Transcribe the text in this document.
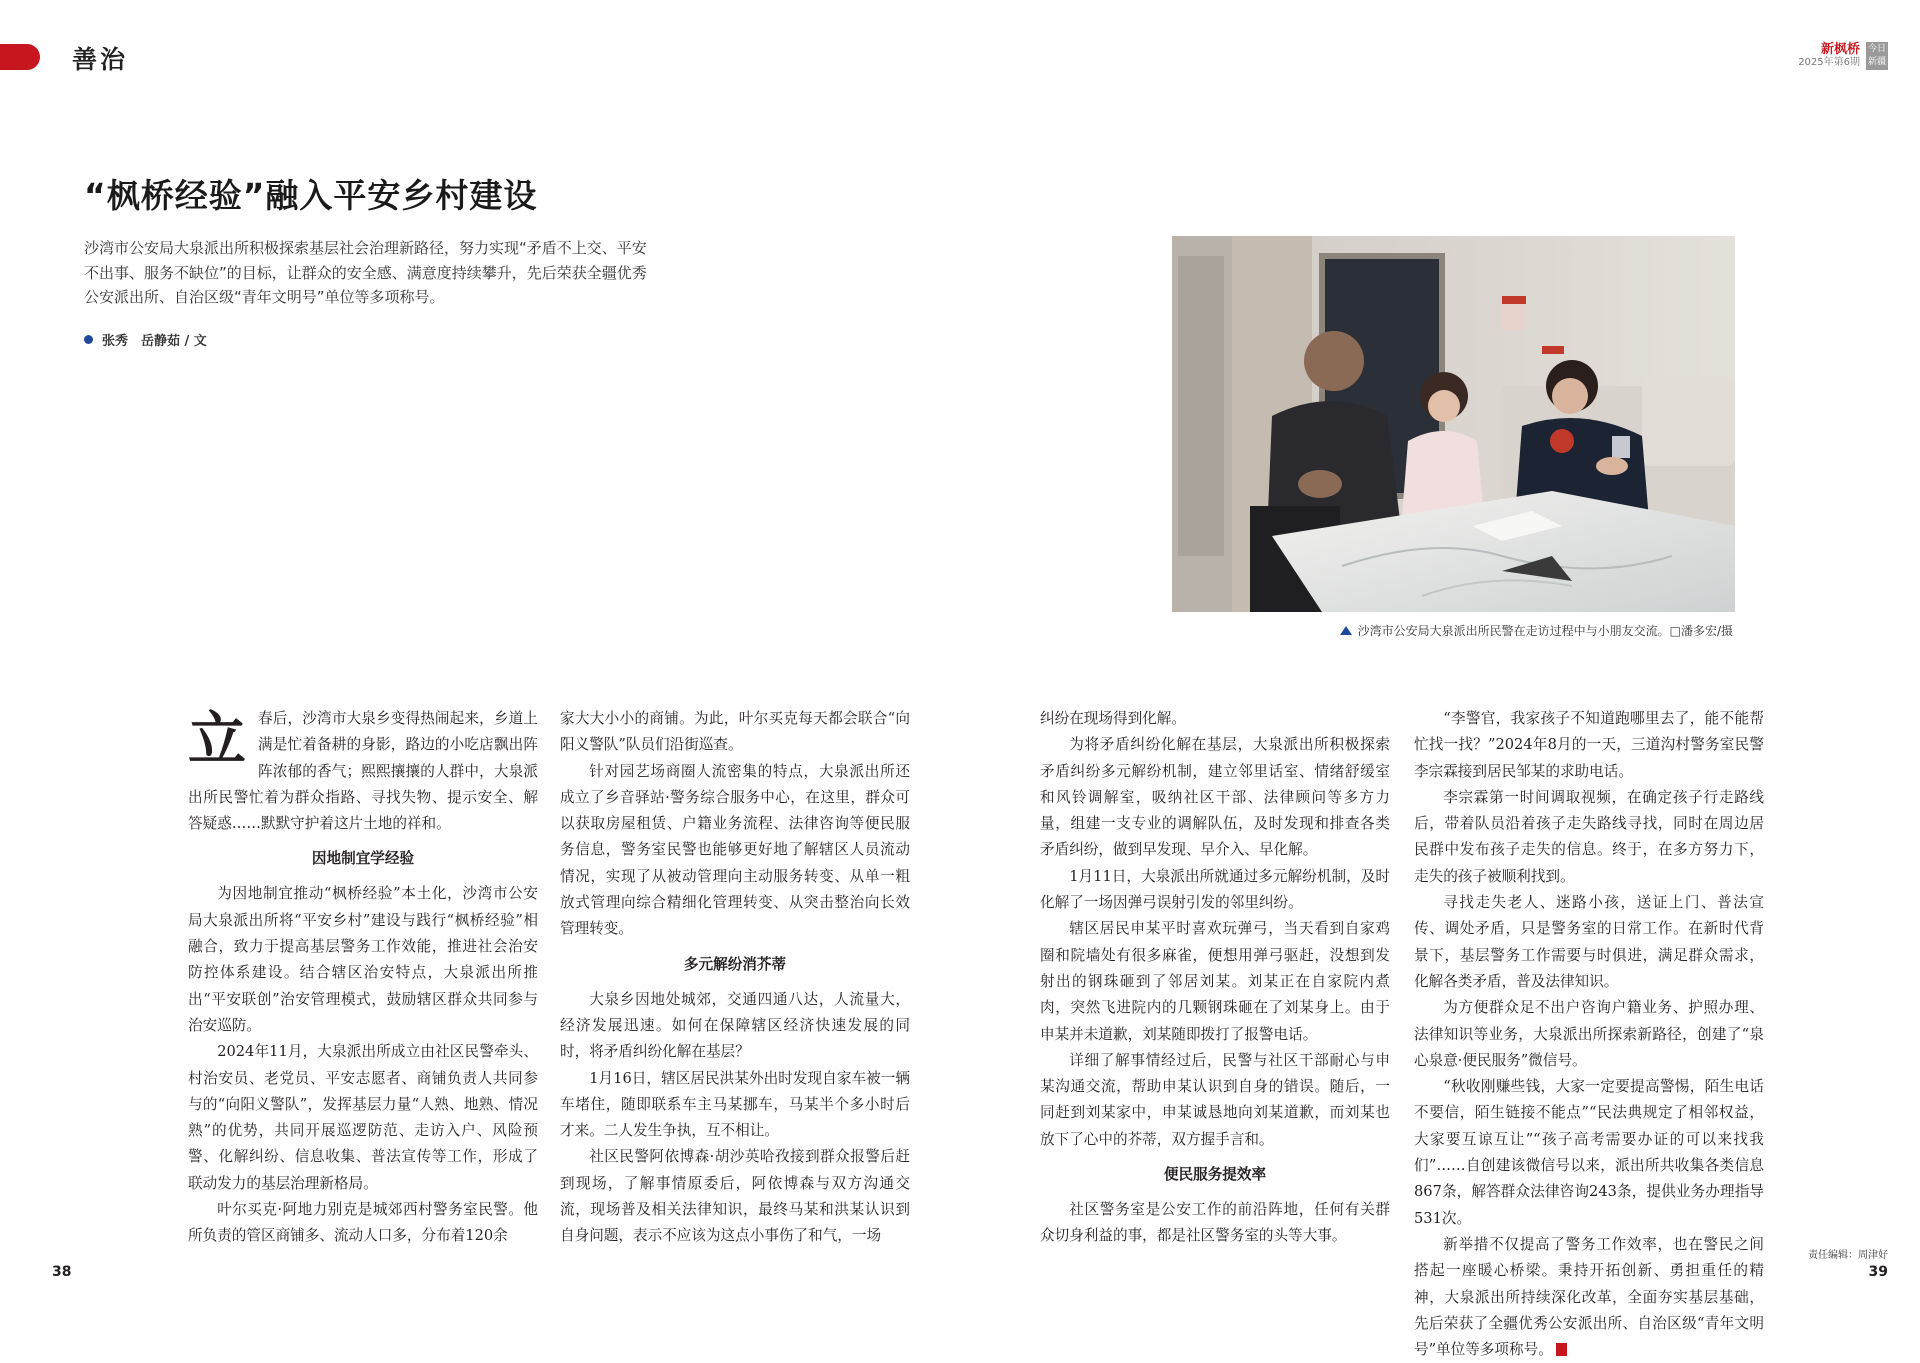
善治	新枫桥
2025年第6期
今日新疆
“枫桥经验”融入平安乡村建设
沙湾市公安局大泉派出所积极探索基层社会治理新路径，努力实现“矛盾不上交、平安不出事、服务不缺位”的目标，让群众的安全感、满意度持续攀升，先后荣获全疆优秀公安派出所、自治区级“青年文明号”单位等多项称号。
张秀　岳静茹 / 文
沙湾市公安局大泉派出所民警在走访过程中与小朋友交流。□潘多宏/摄

立春后，沙湾市大泉乡变得热闹起来，乡道上满是忙着备耕的身影，路边的小吃店飘出阵阵浓郁的香气；熙熙攘攘的人群中，大泉派出所民警忙着为群众指路、寻找失物、提示安全、解答疑惑……默默守护着这片土地的祥和。

因地制宜学经验

为因地制宜推动“枫桥经验”本土化，沙湾市公安局大泉派出所将“平安乡村”建设与践行“枫桥经验”相融合，致力于提高基层警务工作效能，推进社会治安防控体系建设。结合辖区治安特点，大泉派出所推出“平安联创”治安管理模式，鼓励辖区群众共同参与治安巡防。

2024年11月，大泉派出所成立由社区民警牵头、村治安员、老党员、平安志愿者、商铺负责人共同参与的“向阳义警队”，发挥基层力量“人熟、地熟、情况熟”的优势，共同开展巡逻防范、走访入户、风险预警、化解纠纷、信息收集、普法宣传等工作，形成了联动发力的基层治理新格局。

叶尔买克·阿地力别克是城郊西村警务室民警。他所负责的管区商铺多、流动人口多，分布着120余

家大大小小的商铺。为此，叶尔买克每天都会联合“向阳义警队”队员们沿街巡查。

针对园艺场商圈人流密集的特点，大泉派出所还成立了乡音驿站·警务综合服务中心，在这里，群众可以获取房屋租赁、户籍业务流程、法律咨询等便民服务信息，警务室民警也能够更好地了解辖区人员流动情况，实现了从被动管理向主动服务转变、从单一粗放式管理向综合精细化管理转变、从突击整治向长效管理转变。

多元解纷消芥蒂

大泉乡因地处城郊，交通四通八达，人流量大，经济发展迅速。如何在保障辖区经济快速发展的同时，将矛盾纠纷化解在基层？

1月16日，辖区居民洪某外出时发现自家车被一辆车堵住，随即联系车主马某挪车，马某半个多小时后才来。二人发生争执，互不相让。

社区民警阿依博森·胡沙英哈孜接到群众报警后赶到现场，了解事情原委后，阿依博森与双方沟通交流，现场普及相关法律知识，最终马某和洪某认识到自身问题，表示不应该为这点小事伤了和气，一场

纠纷在现场得到化解。

为将矛盾纠纷化解在基层，大泉派出所积极探索矛盾纠纷多元解纷机制，建立邻里话室、情绪舒缓室和风铃调解室，吸纳社区干部、法律顾问等多方力量，组建一支专业的调解队伍，及时发现和排查各类矛盾纠纷，做到早发现、早介入、早化解。

1月11日，大泉派出所就通过多元解纷机制，及时化解了一场因弹弓误射引发的邻里纠纷。

辖区居民申某平时喜欢玩弹弓，当天看到自家鸡圈和院墙处有很多麻雀，便想用弹弓驱赶，没想到发射出的钢珠砸到了邻居刘某。刘某正在自家院内煮肉，突然飞进院内的几颗钢珠砸在了刘某身上。由于申某并未道歉，刘某随即拨打了报警电话。

详细了解事情经过后，民警与社区干部耐心与申某沟通交流，帮助申某认识到自身的错误。随后，一同赶到刘某家中，申某诚恳地向刘某道歉，而刘某也放下了心中的芥蒂，双方握手言和。

便民服务提效率

社区警务室是公安工作的前沿阵地，任何有关群众切身利益的事，都是社区警务室的头等大事。

“李警官，我家孩子不知道跑哪里去了，能不能帮忙找一找？”2024年8月的一天，三道沟村警务室民警李宗霖接到居民邹某的求助电话。

李宗霖第一时间调取视频，在确定孩子行走路线后，带着队员沿着孩子走失路线寻找，同时在周边居民群中发布孩子走失的信息。终于，在多方努力下，走失的孩子被顺利找到。

寻找走失老人、迷路小孩，送证上门、普法宣传、调处矛盾，只是警务室的日常工作。在新时代背景下，基层警务工作需要与时俱进，满足群众需求，化解各类矛盾，普及法律知识。

为方便群众足不出户咨询户籍业务、护照办理、法律知识等业务，大泉派出所探索新路径，创建了“泉心泉意·便民服务”微信号。

“秋收刚赚些钱，大家一定要提高警惕，陌生电话不要信，陌生链接不能点”“民法典规定了相邻权益，大家要互谅互让”“孩子高考需要办证的可以来找我们”……自创建该微信号以来，派出所共收集各类信息867条，解答群众法律咨询243条，提供业务办理指导531次。

新举措不仅提高了警务工作效率，也在警民之间搭起一座暖心桥梁。秉持开拓创新、勇担重任的精神，大泉派出所持续深化改革，全面夯实基层基础，先后荣获了全疆优秀公安派出所、自治区级“青年文明号”单位等多项称号。

38	39
责任编辑：周津好
